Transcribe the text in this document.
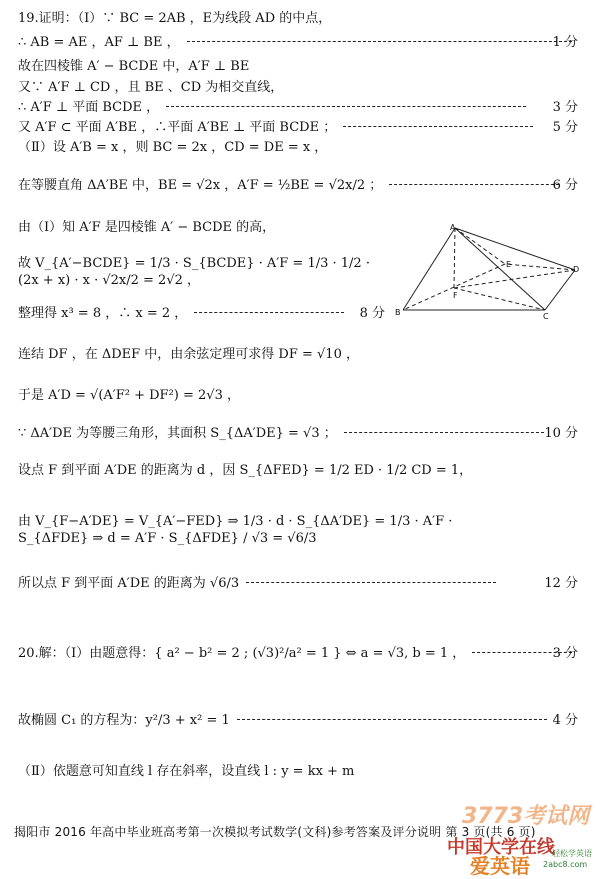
19.证明：（Ⅰ）∵ BC = 2AB ，E为线段 AD 的中点，
∴ AB = AE ，AF ⊥ BE ，	1 分
故在四棱锥 A′ − BCDE 中，A′F ⊥ BE
又∵ A′F ⊥ CD ，且 BE 、CD 为相交直线，
∴ A′F ⊥ 平面 BCDE ，	3 分
又 A′F ⊂ 平面 A′BE ，∴平面 A′BE ⊥ 平面 BCDE ；	5 分
（Ⅱ）设 A′B = x ，则 BC = 2x ，CD = DE = x ，
在等腰直角 ΔA′BE 中，BE = √2x ，A′F = ½BE = √2x/2 ；	6 分
由（Ⅰ）知 A′F 是四棱锥 A′ − BCDE 的高，
故 V_{A′−BCDE} = 1/3 · S_{BCDE} · A′F = 1/3 · 1/2 · (2x + x) · x · √2x/2 = 2√2 ，
整理得 x³ = 8 ，∴ x = 2 ，	8 分
A
B	C
D
E
F
连结 DF ，在 ΔDEF 中，由余弦定理可求得 DF = √10 ，
于是 A′D = √(A′F² + DF²) = 2√3 ，
∵ ΔA′DE 为等腰三角形，其面积 S_{ΔA′DE} = √3 ；	10 分
设点 F 到平面 A′DE 的距离为 d ，因 S_{ΔFED} = 1/2 ED · 1/2 CD = 1，
由 V_{F−A′DE} = V_{A′−FED} ⇒ 1/3 · d · S_{ΔA′DE} = 1/3 · A′F · S_{ΔFDE} ⇒ d = A′F · S_{ΔFDE} / √3 = √6/3
所以点 F 到平面 A′DE 的距离为 √6/3	12 分
20.解：（Ⅰ）由题意得：{ a² − b² = 2 ; (√3)²/a² = 1 } ⇔ a = √3, b = 1 ，	3 分
故椭圆 C₁ 的方程为：y²/3 + x² = 1	4 分
（Ⅱ）依题意可知直线 l 存在斜率，设直线 l : y = kx + m
揭阳市 2016 年高中毕业班高考第一次模拟考试数学(文科)参考答案及评分说明 第 3 页(共 6 页)
3773考试网
中国大学在线
爱英语
轻松学英语
2abc8.com
